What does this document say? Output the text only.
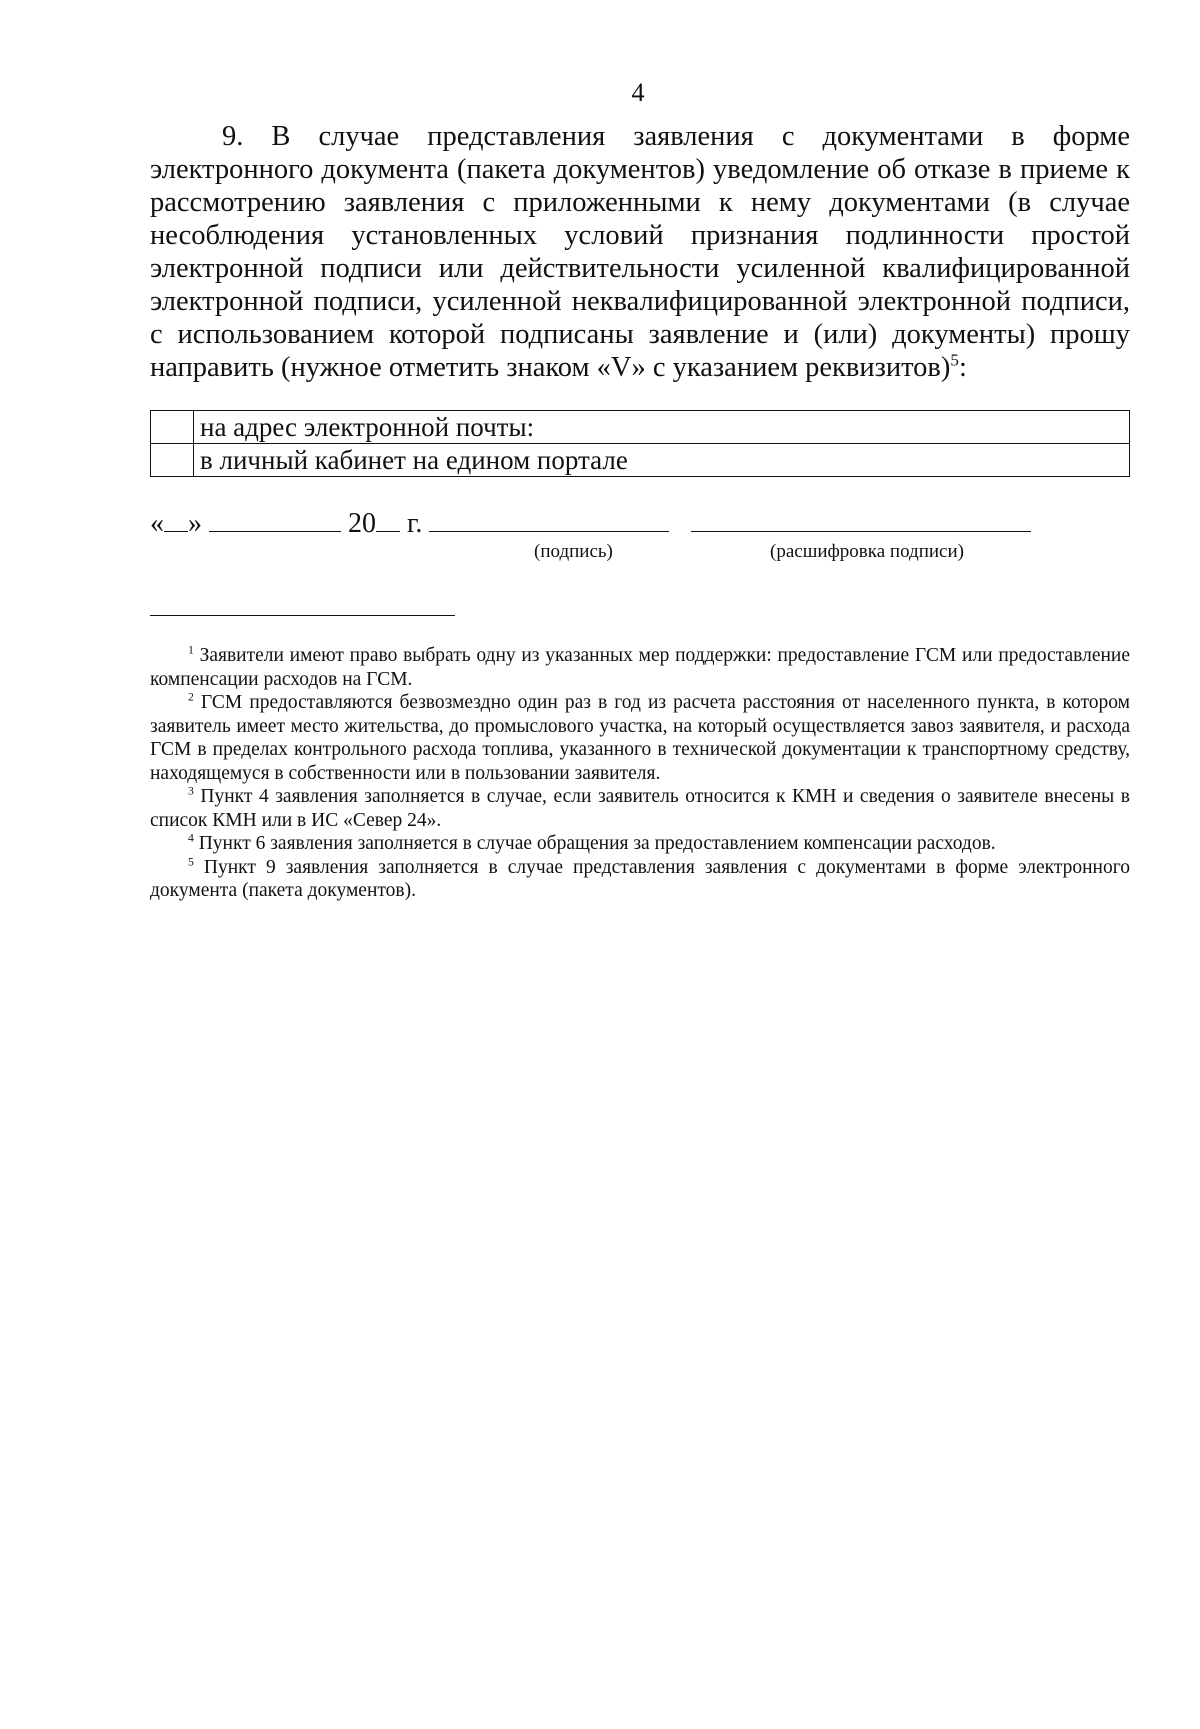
4

9. В случае представления заявления с документами в форме электронного документа (пакета документов) уведомление об отказе в приеме к рассмотрению заявления с приложенными к нему документами (в случае несоблюдения установленных условий признания подлинности простой электронной подписи или действительности усиленной квалифицированной электронной подписи, усиленной неквалифицированной электронной подписи, с использованием которой подписаны заявление и (или) документы) прошу направить (нужное отметить знаком «V» с указанием реквизитов)$^5$:

	на адрес электронной почты:
	в личный кабинет на едином портале
« »	20 г.
(подпись)	(расшифровка подписи)

$^1$ Заявители имеют право выбрать одну из указанных мер поддержки: предоставление ГСМ или предоставление компенсации расходов на ГСМ.

$^2$ ГСМ предоставляются безвозмездно один раз в год из расчета расстояния от населенного пункта, в котором заявитель имеет место жительства, до промыслового участка, на который осуществляется завоз заявителя, и расхода ГСМ в пределах контрольного расхода топлива, указанного в технической документации к транспортному средству, находящемуся в собственности или в пользовании заявителя.

$^3$ Пункт 4 заявления заполняется в случае, если заявитель относится к КМН и сведения о заявителе внесены в список КМН или в ИС «Север 24».

$^4$ Пункт 6 заявления заполняется в случае обращения за предоставлением компенсации расходов.

$^5$ Пункт 9 заявления заполняется в случае представления заявления с документами в форме электронного документа (пакета документов).
